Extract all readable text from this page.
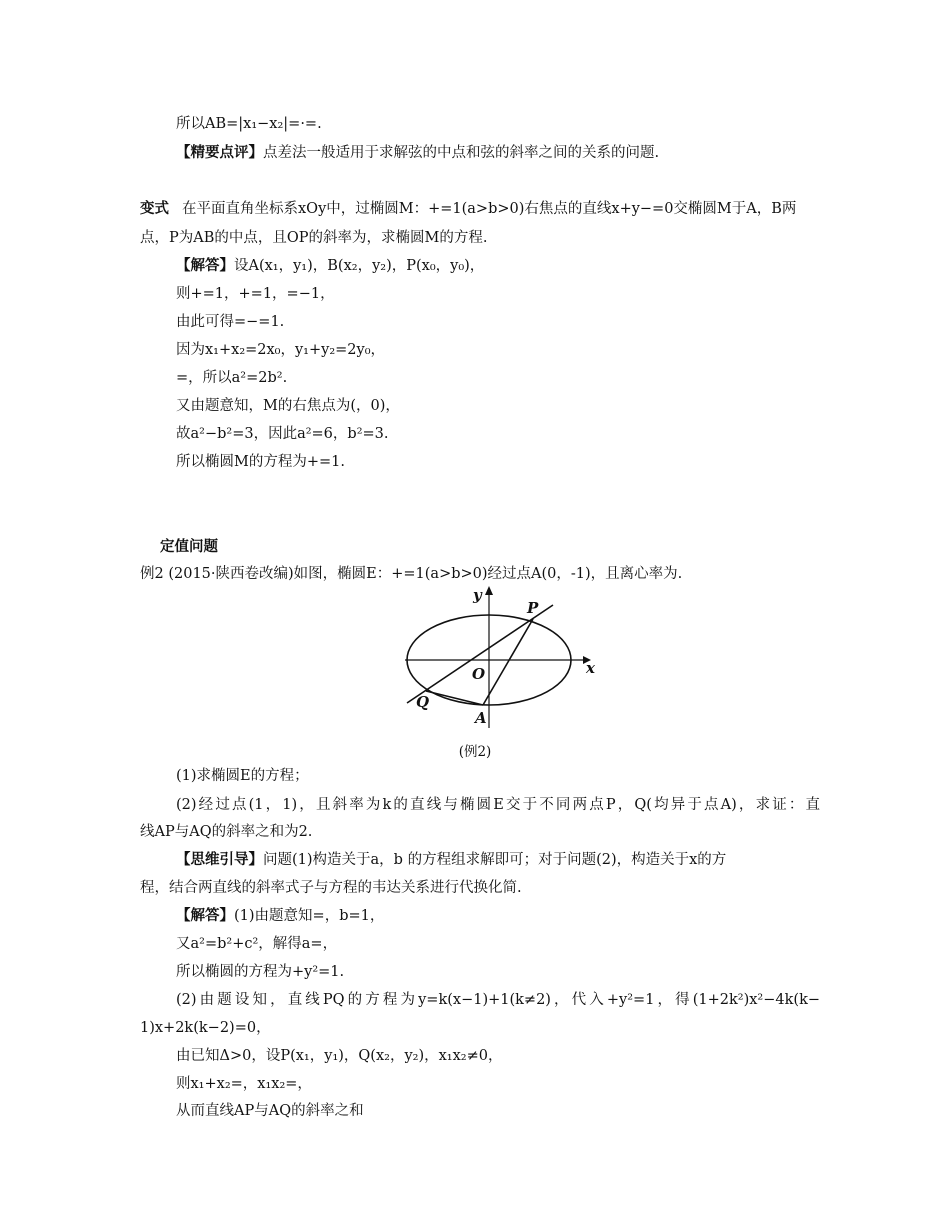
所以AB=|x₁−x₂|=·=.
【精要点评】点差法一般适用于求解弦的中点和弦的斜率之间的关系的问题.
变式 在平面直角坐标系xOy中，过椭圆M：+=1(a>b>0)右焦点的直线x+y−=0交椭圆M于A，B两
点，P为AB的中点，且OP的斜率为，求椭圆M的方程.
【解答】设A(x₁，y₁)，B(x₂，y₂)，P(x₀，y₀)，
则+=1，+=1，=−1，
由此可得=−=1.
因为x₁+x₂=2x₀，y₁+y₂=2y₀，
=，所以a²=2b².
又由题意知，M的右焦点为(，0)，
故a²−b²=3，因此a²=6，b²=3.
所以椭圆M的方程为+=1.
定值问题
例2 (2015·陕西卷改编)如图，椭圆E：+=1(a>b>0)经过点A(0，-1)，且离心率为.
y
x
O
P
Q
A
(例2)
(1)求椭圆E的方程；
(2)经过点(1，1)，且斜率为k的直线与椭圆E交于不同两点P，Q(均异于点A)，求证：直
线AP与AQ的斜率之和为2.
【思维引导】问题(1)构造关于a，b 的方程组求解即可；对于问题(2)，构造关于x的方
程，结合两直线的斜率式子与方程的韦达关系进行代换化简.
【解答】(1)由题意知=，b=1，
又a²=b²+c²，解得a=，
所以椭圆的方程为+y²=1.
(2)由题设知，直线PQ的方程为y=k(x−1)+1(k≠2)，代入+y²=1，得(1+2k²)x²−4k(k−
1)x+2k(k−2)=0，
由已知Δ>0，设P(x₁，y₁)，Q(x₂，y₂)，x₁x₂≠0，
则x₁+x₂=，x₁x₂=，
从而直线AP与AQ的斜率之和
